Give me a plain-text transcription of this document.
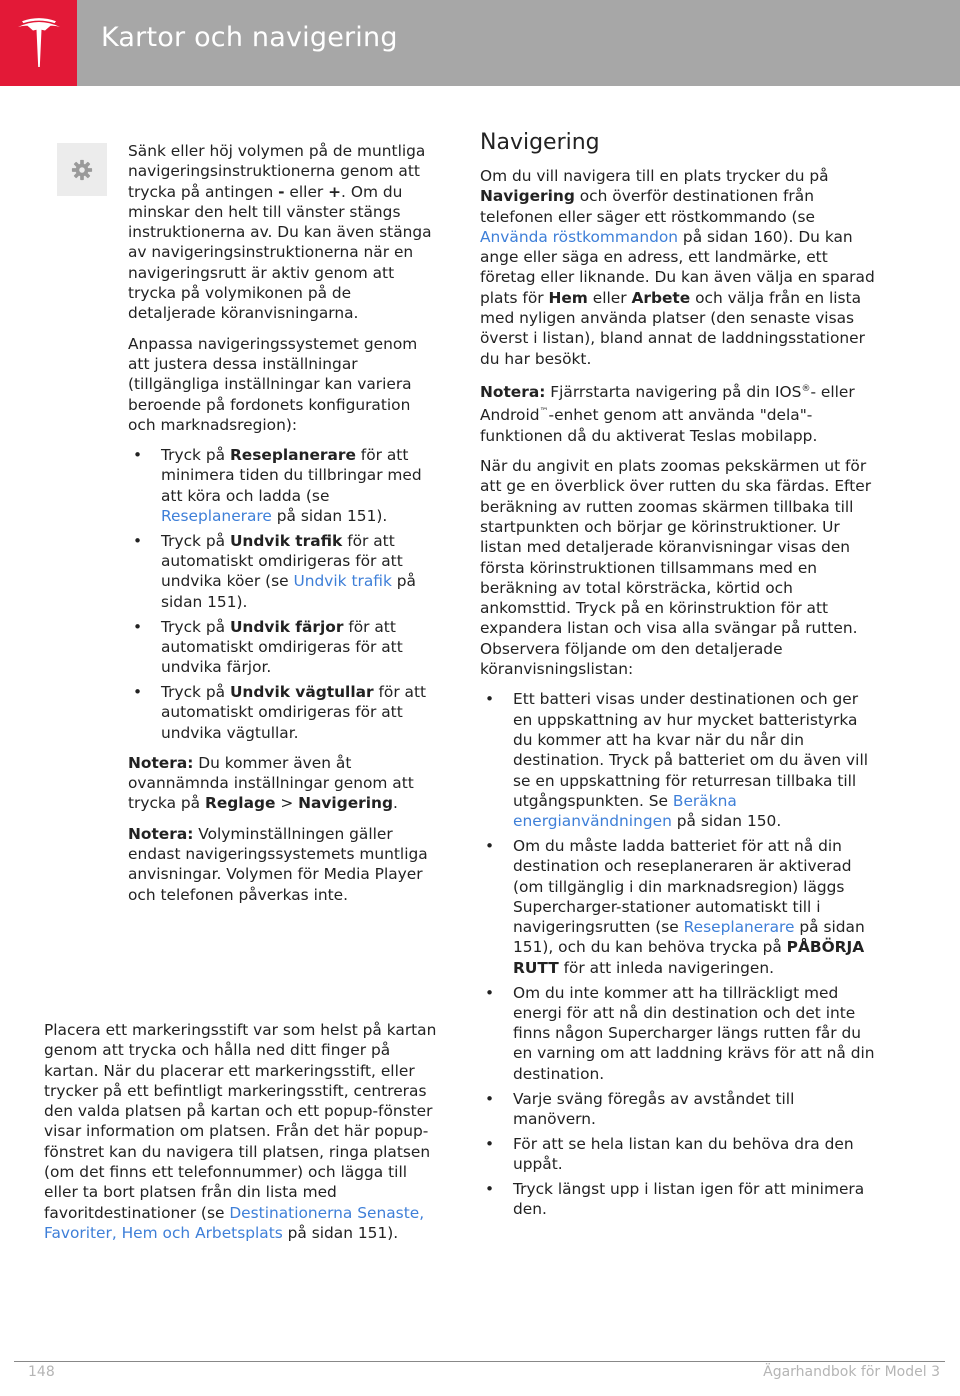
Kartor och navigering

Sänk eller höj volymen på de muntliga navigeringsinstruktionerna genom att trycka på antingen - eller +. Om du minskar den helt till vänster stängs instruktionerna av. Du kan även stänga av navigeringsinstruktionerna när en navigeringsrutt är aktiv genom att trycka på volymikonen på de detaljerade köranvisningarna.

Anpassa navigeringssystemet genom att justera dessa inställningar (tillgängliga inställningar kan variera beroende på fordonets konfiguration och marknadsregion):

• Tryck på Reseplanerare för att minimera tiden du tillbringar med att köra och ladda (se Reseplanerare på sidan 151).
• Tryck på Undvik trafik för att automatiskt omdirigeras för att undvika köer (se Undvik trafik på sidan 151).
• Tryck på Undvik färjor för att automatiskt omdirigeras för att undvika färjor.
• Tryck på Undvik vägtullar för att automatiskt omdirigeras för att undvika vägtullar.

Notera: Du kommer även åt ovannämnda inställningar genom att trycka på Reglage > Navigering.

Notera: Volyminställningen gäller endast navigeringssystemets muntliga anvisningar. Volymen för Media Player och telefonen påverkas inte.

Placera ett markeringsstift var som helst på kartan genom att trycka och hålla ned ditt finger på kartan. När du placerar ett markeringsstift, eller trycker på ett befintligt markeringsstift, centreras den valda platsen på kartan och ett popup-fönster visar information om platsen. Från det här popup-fönstret kan du navigera till platsen, ringa platsen (om det finns ett telefonnummer) och lägga till eller ta bort platsen från din lista med favoritdestinationer (se Destinationerna Senaste, Favoriter, Hem och Arbetsplats på sidan 151).

Navigering

Om du vill navigera till en plats trycker du på Navigering och överför destinationen från telefonen eller säger ett röstkommando (se Använda röstkommandon på sidan 160). Du kan ange eller säga en adress, ett landmärke, ett företag eller liknande. Du kan även välja en sparad plats för Hem eller Arbete och välja från en lista med nyligen använda platser (den senaste visas överst i listan), bland annat de laddningsstationer du har besökt.

Notera: Fjärrstarta navigering på din IOS®- eller Android™-enhet genom att använda "dela"-funktionen då du aktiverat Teslas mobilapp.

När du angivit en plats zoomas pekskärmen ut för att ge en överblick över rutten du ska färdas. Efter beräkning av rutten zoomas skärmen tillbaka till startpunkten och börjar ge körinstruktioner. Ur listan med detaljerade köranvisningar visas den första körinstruktionen tillsammans med en beräkning av total körsträcka, körtid och ankomsttid. Tryck på en körinstruktion för att expandera listan och visa alla svängar på rutten. Observera följande om den detaljerade köranvisningslistan:

• Ett batteri visas under destinationen och ger en uppskattning av hur mycket batteristyrka du kommer att ha kvar när du når din destination. Tryck på batteriet om du även vill se en uppskattning för returresan tillbaka till utgångspunkten. Se Beräkna energianvändningen på sidan 150.
• Om du måste ladda batteriet för att nå din destination och reseplaneraren är aktiverad (om tillgänglig i din marknadsregion) läggs Supercharger-stationer automatiskt till i navigeringsrutten (se Reseplanerare på sidan 151), och du kan behöva trycka på PÅBÖRJA RUTT för att inleda navigeringen.
• Om du inte kommer att ha tillräckligt med energi för att nå din destination och det inte finns någon Supercharger längs rutten får du en varning om att laddning krävs för att nå din destination.
• Varje sväng föregås av avståndet till manövern.
• För att se hela listan kan du behöva dra den uppåt.
• Tryck längst upp i listan igen för att minimera den.
148	Ägarhandbok för Model 3
